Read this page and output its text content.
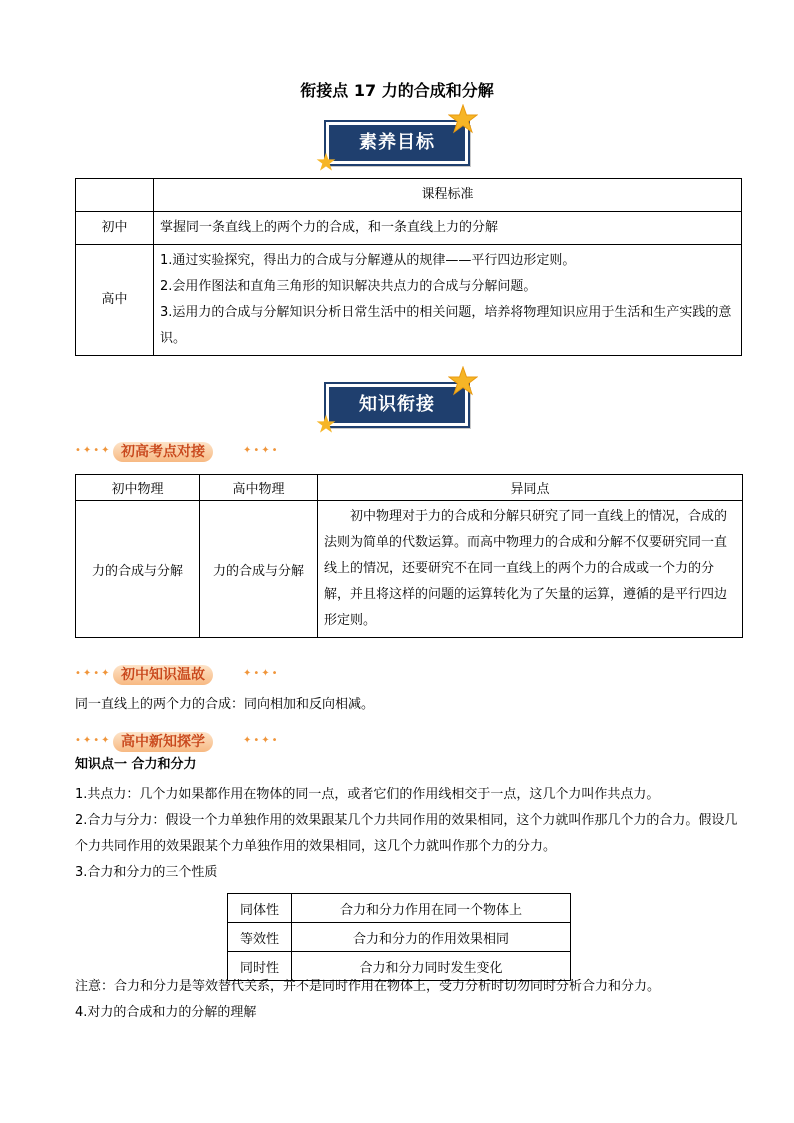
衔接点 17 力的合成和分解
素养目标
	课程标准
初中	掌握同一条直线上的两个力的合成，和一条直线上力的分解
高中	1.通过实验探究，得出力的合成与分解遵从的规律——平行四边形定则。
2.会用作图法和直角三角形的知识解决共点力的合成与分解问题。
3.运用力的合成与分解知识分析日常生活中的相关问题，培养将物理知识应用于生活和生产实践的意识。
知识衔接
•✦•✦ 初高考点对接	✦•✦•
初中物理	高中物理	异同点
力的合成与分解	力的合成与分解	初中物理对于力的合成和分解只研究了同一直线上的情况，合成的法则为简单的代数运算。而高中物理力的合成和分解不仅要研究同一直线上的情况，还要研究不在同一直线上的两个力的合成或一个力的分解，并且将这样的问题的运算转化为了矢量的运算，遵循的是平行四边形定则。
•✦•✦ 初中知识温故	✦•✦•
同一直线上的两个力的合成：同向相加和反向相减。
•✦•✦ 高中新知探学	✦•✦•
知识点一 合力和分力
1.共点力：几个力如果都作用在物体的同一点，或者它们的作用线相交于一点，这几个力叫作共点力。
2.合力与分力：假设一个力单独作用的效果跟某几个力共同作用的效果相同，这个力就叫作那几个力的合力。假设几个力共同作用的效果跟某个力单独作用的效果相同，这几个力就叫作那个力的分力。
3.合力和分力的三个性质
同体性	合力和分力作用在同一个物体上
等效性	合力和分力的作用效果相同
同时性	合力和分力同时发生变化
注意：合力和分力是等效替代关系，并不是同时作用在物体上，受力分析时切勿同时分析合力和分力。
4.对力的合成和力的分解的理解
